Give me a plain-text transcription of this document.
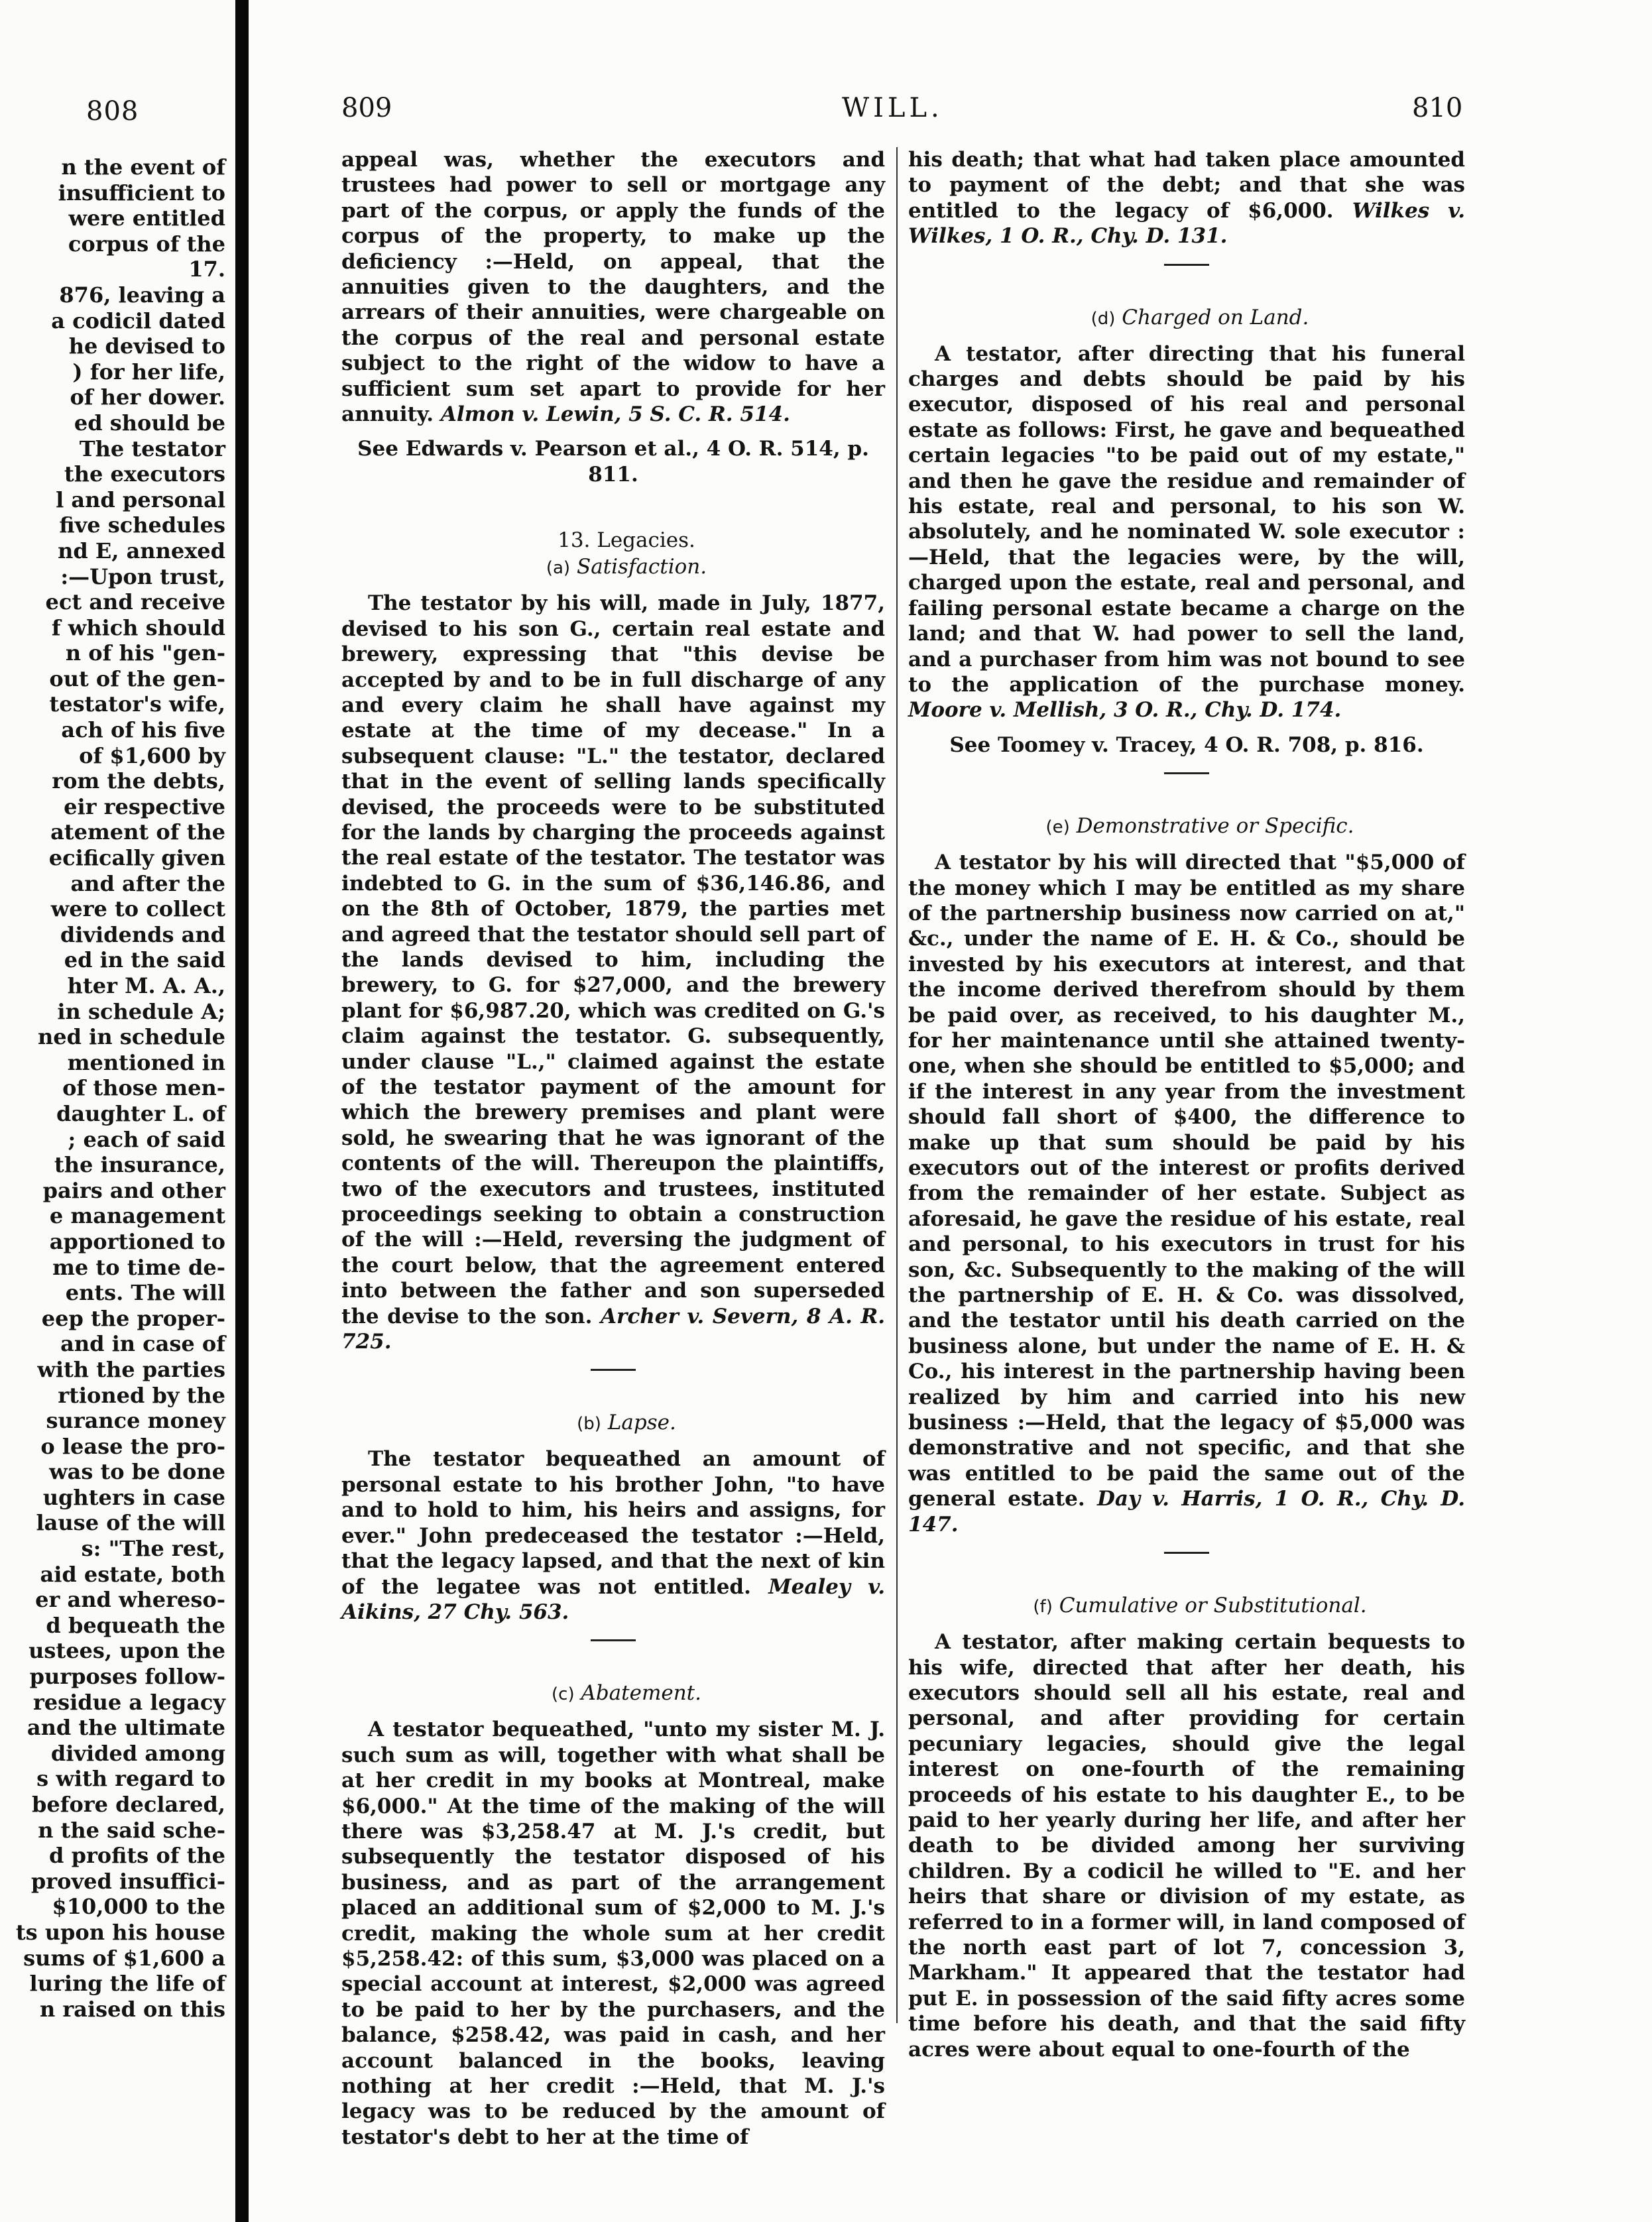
808
n the event of
insufficient to
were entitled
corpus of the
17.
876, leaving a
a codicil dated
he devised to
) for her life,
of her dower.
ed should be
The testator
the executors
l and personal
five schedules
nd E, annexed
:—Upon trust,
ect and receive
f which should
n of his "gen-
out of the gen-
testator's wife,
ach of his five
of $1,600 by
rom the debts,
eir respective
atement of the
ecifically given
and after the
were to collect
dividends and
ed in the said
hter M. A. A.,
in schedule A;
ned in schedule
mentioned in
of those men-
daughter L. of
; each of said
the insurance,
pairs and other
e management
apportioned to
me to time de-
ents. The will
eep the proper-
and in case of
with the parties
rtioned by the
surance money
o lease the pro-
was to be done
ughters in case
lause of the will
s: "The rest,
aid estate, both
er and whereso-
d bequeath the
ustees, upon the
purposes follow-
residue a legacy
and the ultimate
divided among
s with regard to
before declared,
n the said sche-
d profits of the
proved insuffici-
$10,000 to the
ts upon his house
sums of $1,600 a
luring the life of
n raised on this
809	WILL.	810

appeal was, whether the executors and trustees had power to sell or mortgage any part of the corpus, or apply the funds of the corpus of the property, to make up the deficiency :—Held, on appeal, that the annuities given to the daughters, and the arrears of their annuities, were chargeable on the corpus of the real and personal estate subject to the right of the widow to have a sufficient sum set apart to provide for her annuity. Almon v. Lewin, 5 S. C. R. 514.

See Edwards v. Pearson et al., 4 O. R. 514, p. 811.

13. Legacies.

(a) Satisfaction.

The testator by his will, made in July, 1877, devised to his son G., certain real estate and brewery, expressing that "this devise be accepted by and to be in full discharge of any and every claim he shall have against my estate at the time of my decease." In a subsequent clause: "L." the testator, declared that in the event of selling lands specifically devised, the proceeds were to be substituted for the lands by charging the proceeds against the real estate of the testator. The testator was indebted to G. in the sum of $36,146.86, and on the 8th of October, 1879, the parties met and agreed that the testator should sell part of the lands devised to him, including the brewery, to G. for $27,000, and the brewery plant for $6,987.20, which was credited on G.'s claim against the testator. G. subsequently, under clause "L.," claimed against the estate of the testator payment of the amount for which the brewery premises and plant were sold, he swearing that he was ignorant of the contents of the will. Thereupon the plaintiffs, two of the executors and trustees, instituted proceedings seeking to obtain a construction of the will :—Held, reversing the judgment of the court below, that the agreement entered into between the father and son superseded the devise to the son. Archer v. Severn, 8 A. R. 725.

(b) Lapse.

The testator bequeathed an amount of personal estate to his brother John, "to have and to hold to him, his heirs and assigns, for ever." John predeceased the testator :—Held, that the legacy lapsed, and that the next of kin of the legatee was not entitled. Mealey v. Aikins, 27 Chy. 563.

(c) Abatement.

A testator bequeathed, "unto my sister M. J. such sum as will, together with what shall be at her credit in my books at Montreal, make $6,000." At the time of the making of the will there was $3,258.47 at M. J.'s credit, but subsequently the testator disposed of his business, and as part of the arrangement placed an additional sum of $2,000 to M. J.'s credit, making the whole sum at her credit $5,258.42: of this sum, $3,000 was placed on a special account at interest, $2,000 was agreed to be paid to her by the purchasers, and the balance, $258.42, was paid in cash, and her account balanced in the books, leaving nothing at her credit :—Held, that M. J.'s legacy was to be reduced by the amount of testator's debt to her at the time of

his death; that what had taken place amounted to payment of the debt; and that she was entitled to the legacy of $6,000. Wilkes v. Wilkes, 1 O. R., Chy. D. 131.

(d) Charged on Land.

A testator, after directing that his funeral charges and debts should be paid by his executor, disposed of his real and personal estate as follows: First, he gave and bequeathed certain legacies "to be paid out of my estate," and then he gave the residue and remainder of his estate, real and personal, to his son W. absolutely, and he nominated W. sole executor :—Held, that the legacies were, by the will, charged upon the estate, real and personal, and failing personal estate became a charge on the land; and that W. had power to sell the land, and a purchaser from him was not bound to see to the application of the purchase money. Moore v. Mellish, 3 O. R., Chy. D. 174.

See Toomey v. Tracey, 4 O. R. 708, p. 816.

(e) Demonstrative or Specific.

A testator by his will directed that "$5,000 of the money which I may be entitled as my share of the partnership business now carried on at," &c., under the name of E. H. & Co., should be invested by his executors at interest, and that the income derived therefrom should by them be paid over, as received, to his daughter M., for her maintenance until she attained twenty-one, when she should be entitled to $5,000; and if the interest in any year from the investment should fall short of $400, the difference to make up that sum should be paid by his executors out of the interest or profits derived from the remainder of her estate. Subject as aforesaid, he gave the residue of his estate, real and personal, to his executors in trust for his son, &c. Subsequently to the making of the will the partnership of E. H. & Co. was dissolved, and the testator until his death carried on the business alone, but under the name of E. H. & Co., his interest in the partnership having been realized by him and carried into his new business :—Held, that the legacy of $5,000 was demonstrative and not specific, and that she was entitled to be paid the same out of the general estate. Day v. Harris, 1 O. R., Chy. D. 147.

(f) Cumulative or Substitutional.

A testator, after making certain bequests to his wife, directed that after her death, his executors should sell all his estate, real and personal, and after providing for certain pecuniary legacies, should give the legal interest on one-fourth of the remaining proceeds of his estate to his daughter E., to be paid to her yearly during her life, and after her death to be divided among her surviving children. By a codicil he willed to "E. and her heirs that share or division of my estate, as referred to in a former will, in land composed of the north east part of lot 7, concession 3, Markham." It appeared that the testator had put E. in possession of the said fifty acres some time before his death, and that the said fifty acres were about equal to one-fourth of the
